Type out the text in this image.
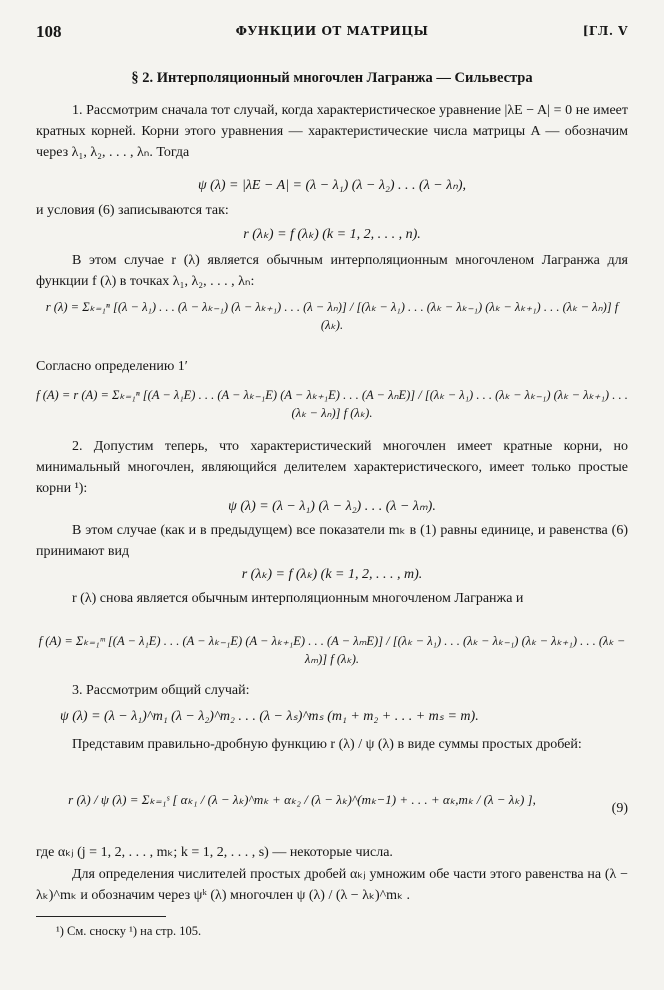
108	ФУНКЦИИ ОТ МАТРИЦЫ	[ГЛ. V
§ 2. Интерполяционный многочлен Лагранжа — Сильвестра
1. Рассмотрим сначала тот случай, когда характеристическое уравнение |λE − A| = 0 не имеет кратных корней. Корни этого уравнения — характеристические числа матрицы A — обозначим через λ₁, λ₂, . . . , λₙ. Тогда
ψ (λ) = |λE − A| = (λ − λ₁) (λ − λ₂) . . . (λ − λₙ),
и условия (6) записываются так:
r (λₖ) = f (λₖ) (k = 1, 2, . . . , n).
В этом случае r (λ) является обычным интерполяционным многочленом Лагранжа для функции f (λ) в точках λ₁, λ₂, . . . , λₙ:
r (λ) = Σₖ₌₁ⁿ [(λ − λ₁) . . . (λ − λₖ₋₁) (λ − λₖ₊₁) . . . (λ − λₙ)] / [(λₖ − λ₁) . . . (λₖ − λₖ₋₁) (λₖ − λₖ₊₁) . . . (λₖ − λₙ)] f (λₖ).
Согласно определению 1′
f (A) = r (A) = Σₖ₌₁ⁿ [(A − λ₁E) . . . (A − λₖ₋₁E) (A − λₖ₊₁E) . . . (A − λₙE)] / [(λₖ − λ₁) . . . (λₖ − λₖ₋₁) (λₖ − λₖ₊₁) . . . (λₖ − λₙ)] f (λₖ).
2. Допустим теперь, что характеристический многочлен имеет кратные корни, но минимальный многочлен, являющийся делителем характеристического, имеет только простые корни ¹):
ψ (λ) = (λ − λ₁) (λ − λ₂) . . . (λ − λₘ).
В этом случае (как и в предыдущем) все показатели mₖ в (1) равны единице, и равенства (6) принимают вид
r (λₖ) = f (λₖ) (k = 1, 2, . . . , m).
r (λ) снова является обычным интерполяционным многочленом Лагранжа и
f (A) = Σₖ₌₁ᵐ [(A − λ₁E) . . . (A − λₖ₋₁E) (A − λₖ₊₁E) . . . (A − λₘE)] / [(λₖ − λ₁) . . . (λₖ − λₖ₋₁) (λₖ − λₖ₊₁) . . . (λₖ − λₘ)] f (λₖ).
3. Рассмотрим общий случай:
ψ (λ) = (λ − λ₁)^m₁ (λ − λ₂)^m₂ . . . (λ − λₛ)^mₛ (m₁ + m₂ + . . . + mₛ = m).
Представим правильно-дробную функцию r (λ) / ψ (λ) в виде суммы простых дробей:
r (λ) / ψ (λ) = Σₖ₌₁ˢ [ αₖ₁ / (λ − λₖ)^mₖ + αₖ₂ / (λ − λₖ)^(mₖ−1) + . . . + αₖ,mₖ / (λ − λₖ) ],
(9)
где αₖⱼ (j = 1, 2, . . . , mₖ; k = 1, 2, . . . , s) — некоторые числа.
Для определения числителей простых дробей αₖⱼ умножим обе части этого равенства на (λ − λₖ)^mₖ и обозначим через ψᵏ (λ) многочлен ψ (λ) / (λ − λₖ)^mₖ .
¹) См. сноску ¹) на стр. 105.
